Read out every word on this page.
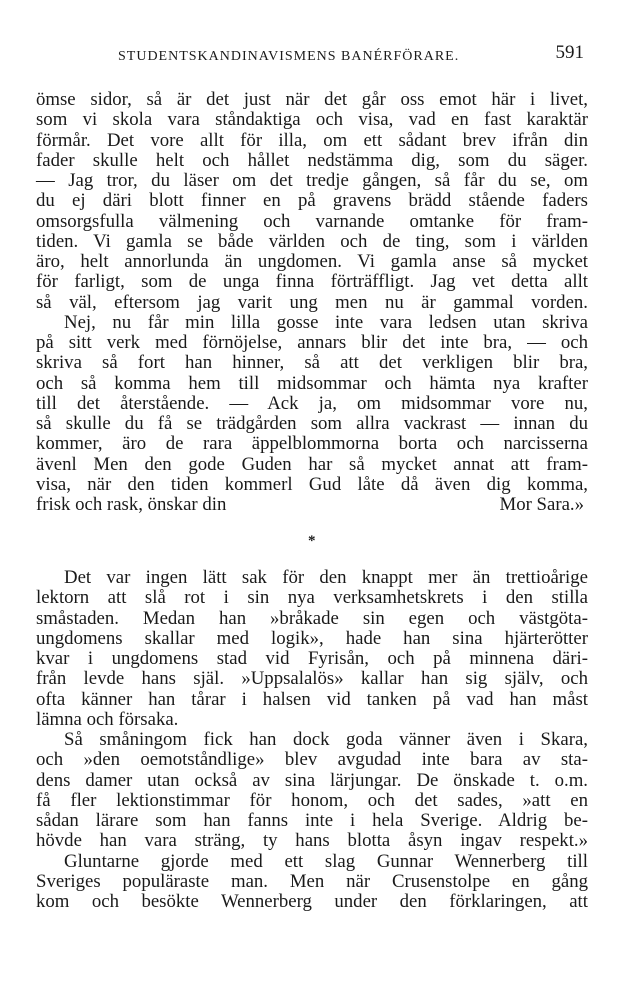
STUDENTSKANDINAVISMENS BANÉRFÖRARE.	591
ömse sidor, så är det just när det går oss emot här i livet,
som vi skola vara ståndaktiga och visa, vad en fast karaktär
förmår. Det vore allt för illa, om ett sådant brev ifrån din
fader skulle helt och hållet nedstämma dig, som du säger.
— Jag tror, du läser om det tredje gången, så får du se, om
du ej däri blott finner en på gravens brädd stående faders
omsorgsfulla välmening och varnande omtanke för fram-
tiden. Vi gamla se både världen och de ting, som i världen
äro, helt annorlunda än ungdomen. Vi gamla anse så mycket
för farligt, som de unga finna förträffligt. Jag vet detta allt
så väl, eftersom jag varit ung men nu är gammal vorden.
Nej, nu får min lilla gosse inte vara ledsen utan skriva
på sitt verk med förnöjelse, annars blir det inte bra, — och
skriva så fort han hinner, så att det verkligen blir bra,
och så komma hem till midsommar och hämta nya krafter
till det återstående. — Ack ja, om midsommar vore nu,
så skulle du få se trädgården som allra vackrast — innan du
kommer, äro de rara äppelblommorna borta och narcisserna
ävenl Men den gode Guden har så mycket annat att fram-
visa, när den tiden kommerl Gud låte då även dig komma,
frisk och rask, önskar din	Mor Sara.»
*
Det var ingen lätt sak för den knappt mer än trettioårige
lektorn att slå rot i sin nya verksamhetskrets i den stilla
småstaden. Medan han »bråkade sin egen och västgöta-
ungdomens skallar med logik», hade han sina hjärterötter
kvar i ungdomens stad vid Fyrisån, och på minnena däri-
från levde hans själ. »Uppsalalös» kallar han sig själv, och
ofta känner han tårar i halsen vid tanken på vad han måst
lämna och försaka.
Så småningom fick han dock goda vänner även i Skara,
och »den oemotståndlige» blev avgudad inte bara av sta-
dens damer utan också av sina lärjungar. De önskade t. o.m.
få fler lektionstimmar för honom, och det sades, »att en
sådan lärare som han fanns inte i hela Sverige. Aldrig be-
hövde han vara sträng, ty hans blotta åsyn ingav respekt.»
Gluntarne gjorde med ett slag Gunnar Wennerberg till
Sveriges populäraste man. Men när Crusenstolpe en gång
kom och besökte Wennerberg under den förklaringen, att
